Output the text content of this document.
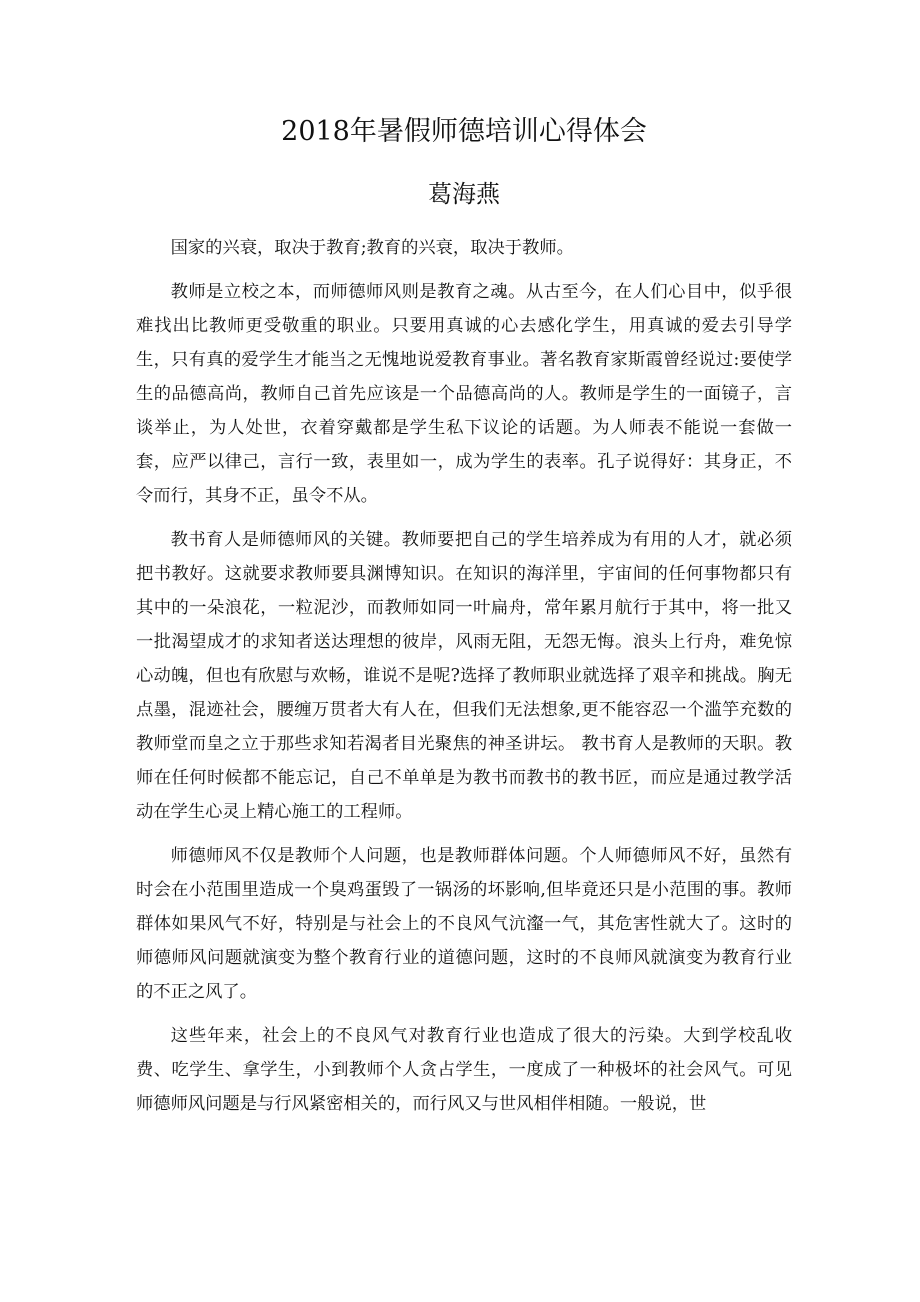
2018年暑假师德培训心得体会
葛海燕

国家的兴衰，取决于教育;教育的兴衰，取决于教师。

教师是立校之本，而师德师风则是教育之魂。从古至今，在人们心目中，似乎很难找出比教师更受敬重的职业。只要用真诚的心去感化学生，用真诚的爱去引导学生，只有真的爱学生才能当之无愧地说爱教育事业。著名教育家斯霞曾经说过:要使学生的品德高尚，教师自己首先应该是一个品德高尚的人。教师是学生的一面镜子，言谈举止，为人处世，衣着穿戴都是学生私下议论的话题。为人师表不能说一套做一套，应严以律己，言行一致，表里如一，成为学生的表率。孔子说得好：其身正，不令而行，其身不正，虽令不从。

教书育人是师德师风的关键。教师要把自己的学生培养成为有用的人才，就必须把书教好。这就要求教师要具渊博知识。在知识的海洋里，宇宙间的任何事物都只有其中的一朵浪花，一粒泥沙，而教师如同一叶扁舟，常年累月航行于其中，将一批又一批渴望成才的求知者送达理想的彼岸，风雨无阻，无怨无悔。浪头上行舟，难免惊心动魄，但也有欣慰与欢畅，谁说不是呢?选择了教师职业就选择了艰辛和挑战。胸无点墨，混迹社会，腰缠万贯者大有人在，但我们无法想象,更不能容忍一个滥竽充数的教师堂而皇之立于那些求知若渴者目光聚焦的神圣讲坛。 教书育人是教师的天职。教师在任何时候都不能忘记，自己不单单是为教书而教书的教书匠，而应是通过教学活动在学生心灵上精心施工的工程师。

师德师风不仅是教师个人问题，也是教师群体问题。个人师德师风不好，虽然有时会在小范围里造成一个臭鸡蛋毁了一锅汤的坏影响,但毕竟还只是小范围的事。教师群体如果风气不好，特别是与社会上的不良风气沆瀣一气，其危害性就大了。这时的师德师风问题就演变为整个教育行业的道德问题，这时的不良师风就演变为教育行业的不正之风了。

这些年来，社会上的不良风气对教育行业也造成了很大的污染。大到学校乱收费、吃学生、拿学生，小到教师个人贪占学生，一度成了一种极坏的社会风气。可见师德师风问题是与行风紧密相关的，而行风又与世风相伴相随。一般说，世
